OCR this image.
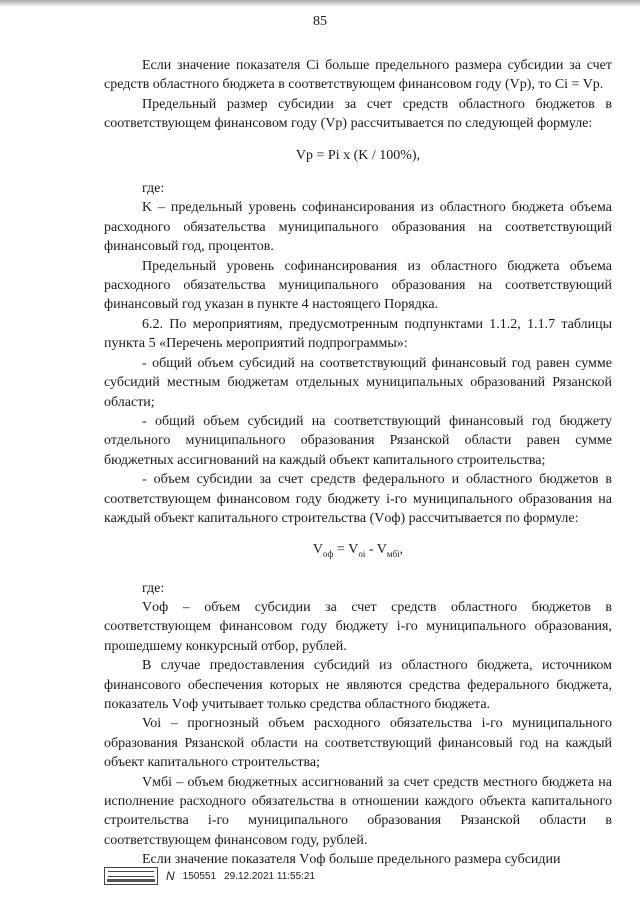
85

Если значение показателя Ci больше предельного размера субсидии за счет средств областного бюджета в соответствующем финансовом году (Vp), то Ci = Vp.

Предельный размер субсидии за счет средств областного бюджетов в соответствующем финансовом году (Vp) рассчитывается по следующей формуле:

Vp = Pi x (K / 100%),

где:

K – предельный уровень софинансирования из областного бюджета объема расходного обязательства муниципального образования на соответствующий финансовый год, процентов.

Предельный уровень софинансирования из областного бюджета объема расходного обязательства муниципального образования на соответствующий финансовый год указан в пункте 4 настоящего Порядка.

6.2. По мероприятиям, предусмотренным подпунктами 1.1.2, 1.1.7 таблицы пункта 5 «Перечень мероприятий подпрограммы»:

- общий объем субсидий на соответствующий финансовый год равен сумме субсидий местным бюджетам отдельных муниципальных образований Рязанской области;

- общий объем субсидий на соответствующий финансовый год бюджету отдельного муниципального образования Рязанской области равен сумме бюджетных ассигнований на каждый объект капитального строительства;

- объем субсидии за счет средств федерального и областного бюджетов в соответствующем финансовом году бюджету i-го муниципального образования на каждый объект капитального строительства (Vоф) рассчитывается по формуле:

$V_{оф} = V_{oi} - V_{мбi}$,

где:

Vоф – объем субсидии за счет средств областного бюджетов в соответствующем финансовом году бюджету i-го муниципального образования, прошедшему конкурсный отбор, рублей.

В случае предоставления субсидий из областного бюджета, источником финансового обеспечения которых не являются средства федерального бюджета, показатель Vоф учитывает только средства областного бюджета.

Voi – прогнозный объем расходного обязательства i-го муниципального образования Рязанской области на соответствующий финансовый год на каждый объект капитального строительства;

Vмбi – объем бюджетных ассигнований за счет средств местного бюджета на исполнение расходного обязательства в отношении каждого объекта капитального строительства i-го муниципального образования Рязанской области в соответствующем финансовом году, рублей.

Если значение показателя Vоф больше предельного размера субсидии

N 150551 29.12.2021 11:55:21
